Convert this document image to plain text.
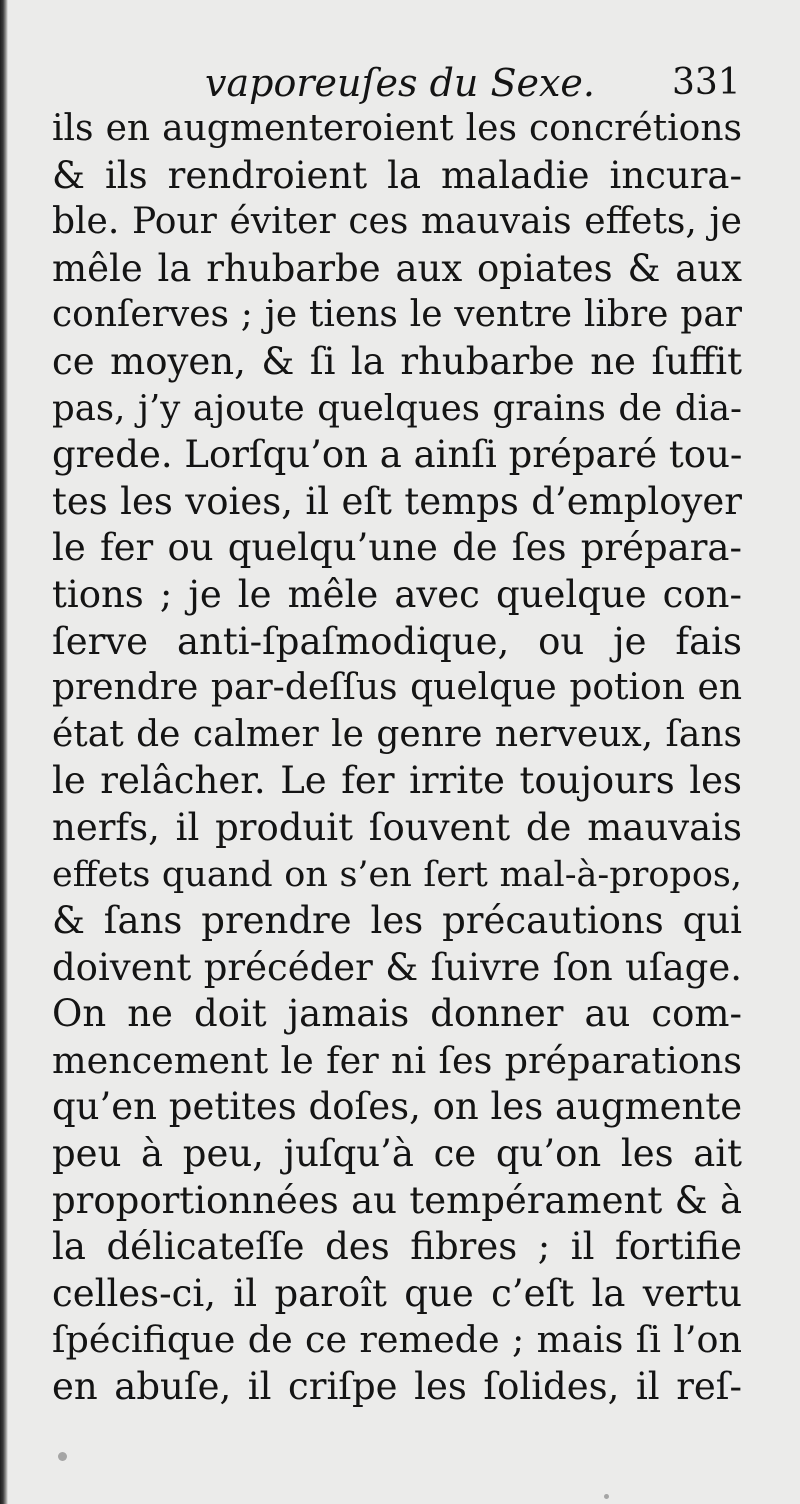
vaporeuſes du Sexe. 331
ils en augmenteroient les concrétions
& ils rendroient la maladie incura-
ble. Pour éviter ces mauvais effets, je
mêle la rhubarbe aux opiates & aux
conſerves ; je tiens le ventre libre par
ce moyen, & ſi la rhubarbe ne ſuffit
pas, j’y ajoute quelques grains de dia-
grede. Lorſqu’on a ainſi préparé tou-
tes les voies, il eſt temps d’employer
le fer ou quelqu’une de ſes prépara-
tions ; je le mêle avec quelque con-
ſerve anti-ſpaſmodique, ou je fais
prendre par-deſſus quelque potion en
état de calmer le genre nerveux, ſans
le relâcher. Le fer irrite toujours les
nerfs, il produit ſouvent de mauvais
effets quand on s’en ſert mal-à-propos,
& ſans prendre les précautions qui
doivent précéder & ſuivre ſon uſage.
On ne doit jamais donner au com-
mencement le fer ni ſes préparations
qu’en petites doſes, on les augmente
peu à peu, juſqu’à ce qu’on les ait
proportionnées au tempérament & à
la délicateſſe des fibres ; il fortifie
celles-ci, il paroît que c’eſt la vertu
ſpécifique de ce remede ; mais ſi l’on
en abuſe, il criſpe les ſolides, il reſ-
